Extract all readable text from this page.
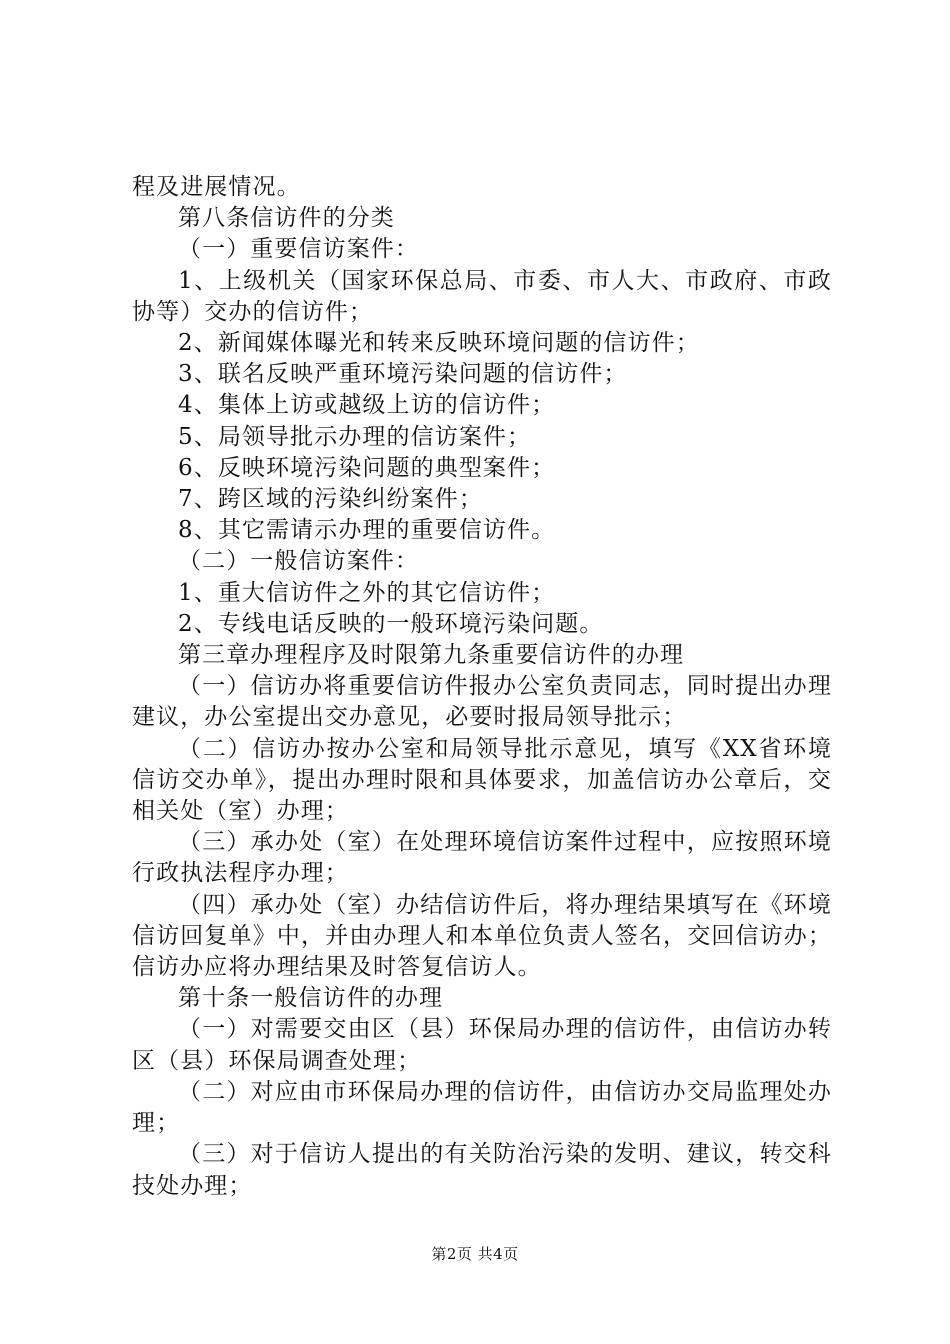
程及进展情况。

第八条信访件的分类

（一）重要信访案件：

1、上级机关（国家环保总局、市委、市人大、市政府、市政协等）交办的信访件；

2、新闻媒体曝光和转来反映环境问题的信访件；

3、联名反映严重环境污染问题的信访件；

4、集体上访或越级上访的信访件；

5、局领导批示办理的信访案件；

6、反映环境污染问题的典型案件；

7、跨区域的污染纠纷案件；

8、其它需请示办理的重要信访件。

（二）一般信访案件：

1、重大信访件之外的其它信访件；

2、专线电话反映的一般环境污染问题。

第三章办理程序及时限第九条重要信访件的办理

（一）信访办将重要信访件报办公室负责同志，同时提出办理建议，办公室提出交办意见，必要时报局领导批示；

（二）信访办按办公室和局领导批示意见，填写《XX省环境信访交办单》，提出办理时限和具体要求，加盖信访办公章后，交相关处（室）办理；

（三）承办处（室）在处理环境信访案件过程中，应按照环境行政执法程序办理；

（四）承办处（室）办结信访件后，将办理结果填写在《环境信访回复单》中，并由办理人和本单位负责人签名，交回信访办；信访办应将办理结果及时答复信访人。

第十条一般信访件的办理

（一）对需要交由区（县）环保局办理的信访件，由信访办转区（县）环保局调查处理；

（二）对应由市环保局办理的信访件，由信访办交局监理处办理；

（三）对于信访人提出的有关防治污染的发明、建议，转交科技处办理；

第2页 共4页
